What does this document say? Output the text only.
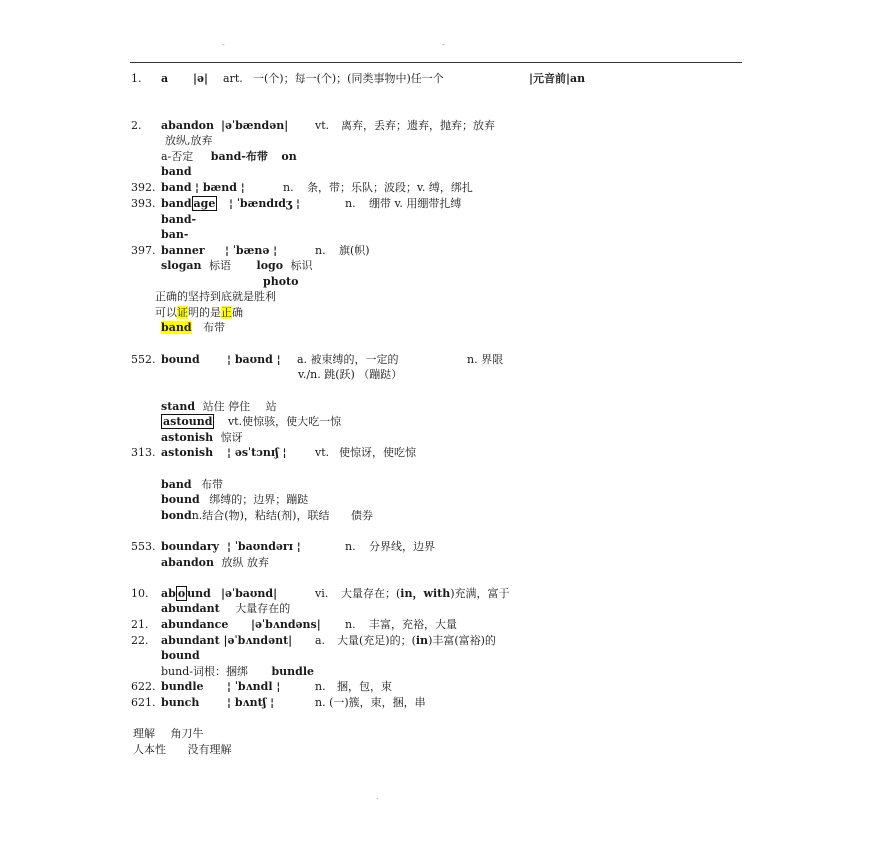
-	-
1. a |ə| art. 一(个)；每一(个)；(同类事物中)任一个	|元音前|an
2. abandon |əˈbændən| vt. 离弃，丢弃；遗弃，抛弃；放弃
放纵,放弃
a-否定 band-布带 on
band
392. band ¦ bænd ¦	n. 条，带；乐队；波段；v. 缚，绑扎
393. band age ¦ ˈbændɪdʒ ¦	n. 绷带 v. 用绷带扎缚
band-
ban-
397. banner ¦ ˈbænə ¦	n. 旗(帜)
slogan 标语 logo 标识
photo
正确的坚持到底就是胜利
可以证明的是正确
band 布带
552. bound ¦ baʊnd ¦ a. 被束缚的，一定的	n. 界限
v./n. 跳(跃) （蹦跶）
stand 站住 停住 站
astound vt.使惊骇，使大吃一惊
astonish 惊讶
313. astonish ¦ əsˈtɔnɪʃ ¦	vt. 使惊讶，使吃惊
band 布带
bound 绑缚的；边界；蹦跶
bondn.结合(物)，粘结(剂)，联结 债券
553. boundary ¦ ˈbaʊndərɪ ¦	n. 分界线，边界
abandon 放纵 放弃
10. ab o und |əˈbaʊnd|	vi. 大量存在；(in，with)充满，富于
abundant 大量存在的
21. abundance |əˈbʌndəns| n. 丰富，充裕，大量
22. abundant |əˈbʌndənt| a. 大量(充足)的；(in)丰富(富裕)的
bound
bund-词根：捆绑 bundle
622. bundle ¦ ˈbʌndl ¦	n. 捆，包，束
621. bunch	¦ bʌntʃ ¦	n. (一)簇，束，捆，串
理解 角刀牛
人本性 没有理解
.
